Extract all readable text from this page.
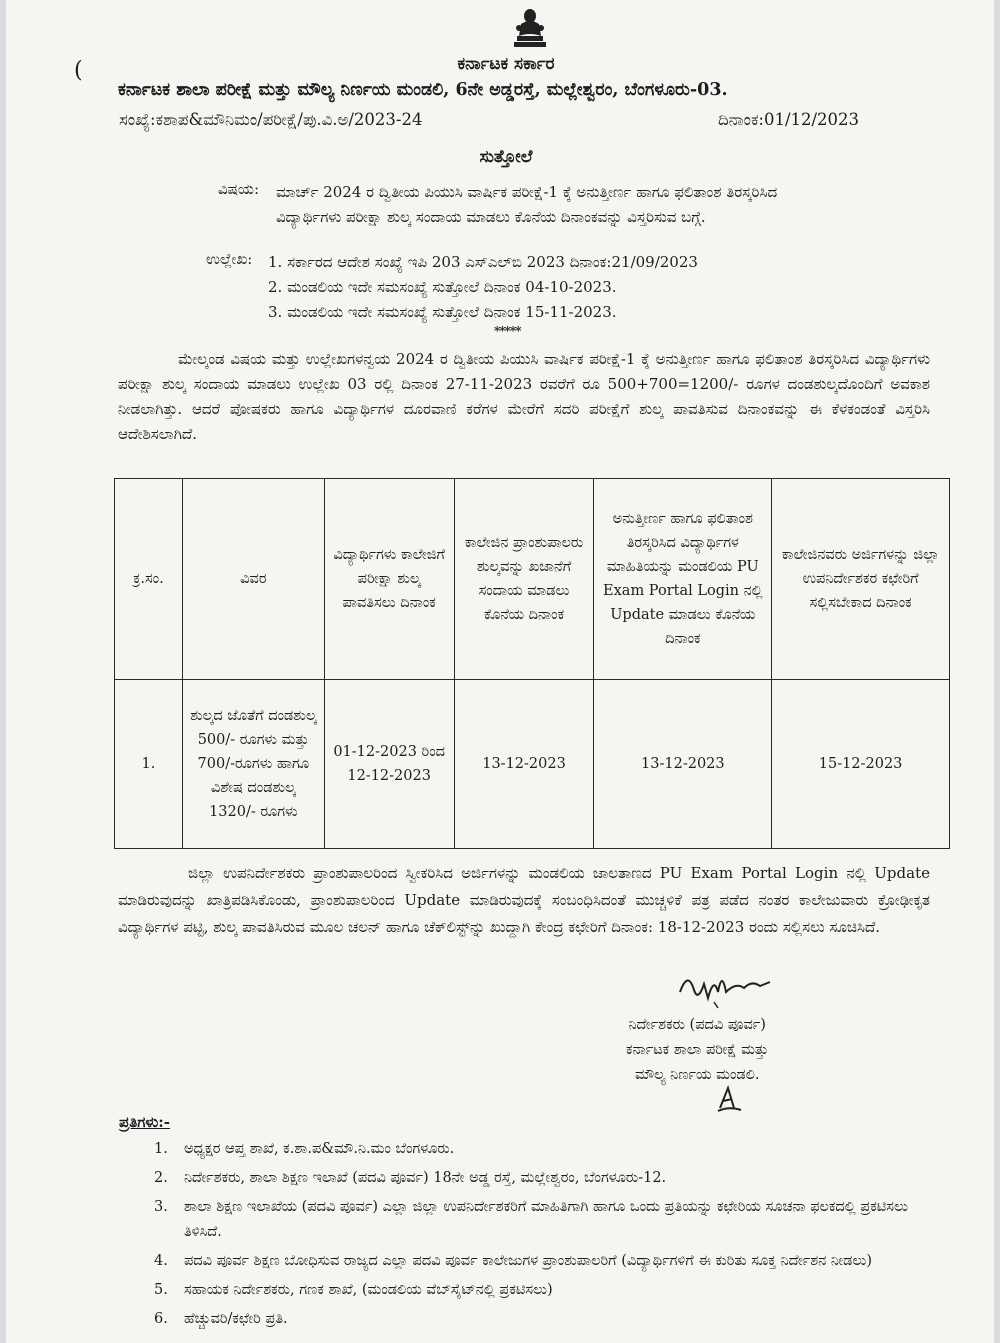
ಕರ್ನಾಟಕ ಸರ್ಕಾರ
(
ಕರ್ನಾಟಕ ಶಾಲಾ ಪರೀಕ್ಷೆ ಮತ್ತು ಮೌಲ್ಯ ನಿರ್ಣಯ ಮಂಡಲಿ, 6ನೇ ಅಡ್ಡರಸ್ತೆ, ಮಲ್ಲೇಶ್ವರಂ, ಬೆಂಗಳೂರು-03.
ಸಂಖ್ಯೆ:ಕಶಾಪ&ಮೌನಿಮಂ/ಪರೀಕ್ಷೆ/ಪು.ವಿ.ಅ/2023-24	ದಿನಾಂಕ:01/12/2023
ಸುತ್ತೋಲೆ
ವಿಷಯ: ಮಾರ್ಚ್ 2024 ರ ದ್ವಿತೀಯ ಪಿಯುಸಿ ವಾರ್ಷಿಕ ಪರೀಕ್ಷೆ-1 ಕ್ಕೆ ಅನುತ್ತೀರ್ಣ ಹಾಗೂ ಫಲಿತಾಂಶ ತಿರಸ್ಕರಿಸಿದ ವಿದ್ಯಾರ್ಥಿಗಳು ಪರೀಕ್ಷಾ ಶುಲ್ಕ ಸಂದಾಯ ಮಾಡಲು ಕೊನೆಯ ದಿನಾಂಕವನ್ನು ವಿಸ್ತರಿಸುವ ಬಗ್ಗೆ.
ಉಲ್ಲೇಖ: 1. ಸರ್ಕಾರದ ಆದೇಶ ಸಂಖ್ಯೆ ಇಪಿ 203 ಎಸ್‌ಎಲ್‌ಬಿ 2023 ದಿನಾಂಕ:21/09/2023
2. ಮಂಡಲಿಯ ಇದೇ ಸಮಸಂಖ್ಯೆ ಸುತ್ತೋಲೆ ದಿನಾಂಕ 04-10-2023.
3. ಮಂಡಲಿಯ ಇದೇ ಸಮಸಂಖ್ಯೆ ಸುತ್ತೋಲೆ ದಿನಾಂಕ 15-11-2023.
*****

ಮೇಲ್ಕಂಡ ವಿಷಯ ಮತ್ತು ಉಲ್ಲೇಖಗಳನ್ವಯ 2024 ರ ದ್ವಿತೀಯ ಪಿಯುಸಿ ವಾರ್ಷಿಕ ಪರೀಕ್ಷೆ-1 ಕ್ಕೆ ಅನುತ್ತೀರ್ಣ ಹಾಗೂ ಫಲಿತಾಂಶ ತಿರಸ್ಕರಿಸಿದ ವಿದ್ಯಾರ್ಥಿಗಳು ಪರೀಕ್ಷಾ ಶುಲ್ಕ ಸಂದಾಯ ಮಾಡಲು ಉಲ್ಲೇಖ 03 ರಲ್ಲಿ ದಿನಾಂಕ 27-11-2023 ರವರೆಗೆ ರೂ 500+700=1200/- ರೂಗಳ ದಂಡಶುಲ್ಕದೊಂದಿಗೆ ಅವಕಾಶ ನೀಡಲಾಗಿತ್ತು. ಆದರೆ ಪೋಷಕರು ಹಾಗೂ ವಿದ್ಯಾರ್ಥಿಗಳ ದೂರವಾಣಿ ಕರೆಗಳ ಮೇರೆಗೆ ಸದರಿ ಪರೀಕ್ಷೆಗೆ ಶುಲ್ಕ ಪಾವತಿಸುವ ದಿನಾಂಕವನ್ನು ಈ ಕೆಳಕಂಡಂತೆ ವಿಸ್ತರಿಸಿ ಆದೇಶಿಸಲಾಗಿದೆ.

ಕ್ರ.ಸಂ.	ವಿವರ	ವಿದ್ಯಾರ್ಥಿಗಳು ಕಾಲೇಜಿಗೆ ಪರೀಕ್ಷಾ ಶುಲ್ಕ ಪಾವತಿಸಲು ದಿನಾಂಕ	ಕಾಲೇಜಿನ ಪ್ರಾಂಶುಪಾಲರು ಶುಲ್ಕವನ್ನು ಖಜಾನೆಗೆ ಸಂದಾಯ ಮಾಡಲು ಕೊನೆಯ ದಿನಾಂಕ	ಅನುತ್ತೀರ್ಣ ಹಾಗೂ ಫಲಿತಾಂಶ ತಿರಸ್ಕರಿಸಿದ ವಿದ್ಯಾರ್ಥಿಗಳ ಮಾಹಿತಿಯನ್ನು ಮಂಡಲಿಯ PU Exam Portal Login ನಲ್ಲಿ Update ಮಾಡಲು ಕೊನೆಯ ದಿನಾಂಕ	ಕಾಲೇಜಿನವರು ಅರ್ಜಿಗಳನ್ನು ಜಿಲ್ಲಾ ಉಪನಿರ್ದೇಶಕರ ಕಛೇರಿಗೆ ಸಲ್ಲಿಸಬೇಕಾದ ದಿನಾಂಕ
1.	ಶುಲ್ಕದ ಜೊತೆಗೆ ದಂಡಶುಲ್ಕ 500/- ರೂಗಳು ಮತ್ತು 700/-ರೂಗಳು ಹಾಗೂ ವಿಶೇಷ ದಂಡಶುಲ್ಕ 1320/- ರೂಗಳು	01-12-2023 ರಿಂದ 12-12-2023	13-12-2023	13-12-2023	15-12-2023

ಜಿಲ್ಲಾ ಉಪನಿರ್ದೇಶಕರು ಪ್ರಾಂಶುಪಾಲರಿಂದ ಸ್ವೀಕರಿಸಿದ ಅರ್ಜಿಗಳನ್ನು ಮಂಡಲಿಯ ಜಾಲತಾಣದ PU Exam Portal Login ನಲ್ಲಿ Update ಮಾಡಿರುವುದನ್ನು ಖಾತ್ರಿಪಡಿಸಿಕೊಂಡು, ಪ್ರಾಂಶುಪಾಲರಿಂದ Update ಮಾಡಿರುವುದಕ್ಕೆ ಸಂಬಂಧಿಸಿದಂತೆ ಮುಚ್ಚಳಿಕೆ ಪತ್ರ ಪಡೆದ ನಂತರ ಕಾಲೇಜುವಾರು ಕ್ರೋಢೀಕೃತ ವಿದ್ಯಾರ್ಥಿಗಳ ಪಟ್ಟಿ, ಶುಲ್ಕ ಪಾವತಿಸಿರುವ ಮೂಲ ಚಲನ್ ಹಾಗೂ ಚೆಕ್‌ಲಿಸ್ಟ್‌ನ್ನು ಖುದ್ದಾಗಿ ಕೇಂದ್ರ ಕಛೇರಿಗೆ ದಿನಾಂಕ: 18-12-2023 ರಂದು ಸಲ್ಲಿಸಲು ಸೂಚಿಸಿದೆ.

ನಿರ್ದೇಶಕರು (ಪದವಿ ಪೂರ್ವ)
ಕರ್ನಾಟಕ ಶಾಲಾ ಪರೀಕ್ಷೆ ಮತ್ತು
ಮೌಲ್ಯ ನಿರ್ಣಯ ಮಂಡಲಿ.
ಪ್ರತಿಗಳು:-
1.	ಅಧ್ಯಕ್ಷರ ಆಪ್ತ ಶಾಖೆ, ಕ.ಶಾ.ಪ&ಮೌ.ನಿ.ಮಂ ಬೆಂಗಳೂರು.
2.	ನಿರ್ದೇಶಕರು, ಶಾಲಾ ಶಿಕ್ಷಣ ಇಲಾಖೆ (ಪದವಿ ಪೂರ್ವ) 18ನೇ ಅಡ್ಡ ರಸ್ತೆ, ಮಲ್ಲೇಶ್ವರಂ, ಬೆಂಗಳೂರು-12.
3.	ಶಾಲಾ ಶಿಕ್ಷಣ ಇಲಾಖೆಯ (ಪದವಿ ಪೂರ್ವ) ಎಲ್ಲಾ ಜಿಲ್ಲಾ ಉಪನಿರ್ದೇಶಕರಿಗೆ ಮಾಹಿತಿಗಾಗಿ ಹಾಗೂ ಒಂದು ಪ್ರತಿಯನ್ನು ಕಛೇರಿಯ ಸೂಚನಾ ಫಲಕದಲ್ಲಿ ಪ್ರಕಟಿಸಲು ತಿಳಿಸಿದೆ.
4.	ಪದವಿ ಪೂರ್ವ ಶಿಕ್ಷಣ ಬೋಧಿಸುವ ರಾಜ್ಯದ ಎಲ್ಲಾ ಪದವಿ ಪೂರ್ವ ಕಾಲೇಜುಗಳ ಪ್ರಾಂಶುಪಾಲರಿಗೆ (ವಿದ್ಯಾರ್ಥಿಗಳಿಗೆ ಈ ಕುರಿತು ಸೂಕ್ತ ನಿರ್ದೇಶನ ನೀಡಲು)
5.	ಸಹಾಯಕ ನಿರ್ದೇಶಕರು, ಗಣಕ ಶಾಖೆ, (ಮಂಡಲಿಯ ವೆಬ್‌ಸೈಟ್‌ನಲ್ಲಿ ಪ್ರಕಟಿಸಲು)
6.	ಹೆಚ್ಚುವರಿ/ಕಛೇರಿ ಪ್ರತಿ.
